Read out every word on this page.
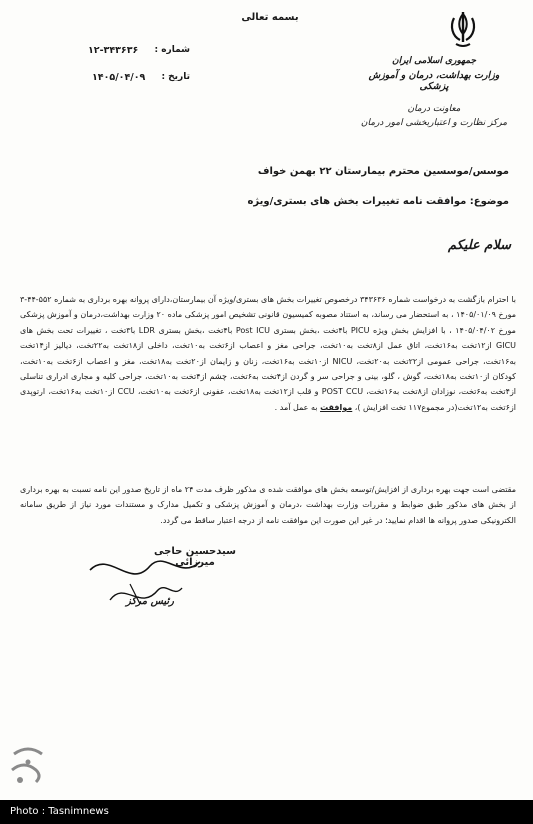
بسمه تعالی
جمهوری اسلامی ایران
وزارت بهداشت، درمان و آموزش پزشکی
معاونت درمان
مرکز نظارت و اعتباربخشی امور درمان
شماره :
۱۲-۳۴۳۶۳۶
تاریخ :
۱۴۰۵/۰۴/۰۹
موسس/موسسین محترم بیمارستان ۲۲ بهمن خواف
موضوع: موافقت نامه تغییرات بخش های بستری/ویژه
سلام علیکم
با احترام بازگشت به درخواست شماره ۳۴۳۶۳۶ درخصوص تغییرات بخش های بستری/ویژه آن بیمارستان،دارای پروانه بهره برداری به شماره ۵۵۲-۴۴-۳ مورخ ۱۴۰۵/۰۱/۰۹ ، به استحضار می رساند، به استناد مصوبه کمیسیون قانونی تشخیص امور پزشکی ماده ۲۰ وزارت بهداشت،درمان و آموزش پزشکی مورخ ۱۴۰۵/۰۴/۰۲ ، با افزایش بخش ویژه PICU با۴تخت ،بخش بستری Post ICU با۴تخت ،بخش بستری LDR با۳تخت ، تغییرات تحت بخش های GICU از۱۲تخت به۱۶تخت، اتاق عمل از۸تخت به۱۰تخت، جراحی مغز و اعصاب از۶تخت به۱۰تخت، داخلی از۱۸تخت به۲۲تخت، دیالیز از۱۴تخت به۱۶تخت، جراحی عمومی از۲۲تخت به۲۰تخت، NICU از۱۰تخت به۱۶تخت، زنان و زایمان از۲۰تخت به۱۸تخت، مغز و اعصاب از۶تخت به۱۰تخت، کودکان از۱۰تخت به۱۸تخت، گوش ، گلو، بینی و جراحی سر و گردن از۴تخت به۶تخت، چشم از۴تخت به۱۰تخت، جراحی کلیه و مجاری ادراری تناسلی از۴تخت به۶تخت، نوزادان از۸تخت به۱۶تخت، POST CCU و قلب از۱۲تخت به۱۸تخت، عفونی از۶تخت به۱۰تخت، CCU از۱۰تخت به۱۶تخت، ارتوپدی از۶تخت به۱۲تخت(در مجموع۱۱۷ تخت افزایش )، موافقت به عمل آمد .
مقتضی است جهت بهره برداری از افزایش/توسعه بخش های موافقت شده ی مذکور ظرف مدت ۲۴ ماه از تاریخ صدور این نامه نسبت به بهره برداری از بخش های مذکور طبق ضوابط و مقررات وزارت بهداشت ،درمان و آموزش پزشکی و تکمیل مدارک و مستندات مورد نیاز از طریق سامانه الکترونیکی صدور پروانه ها اقدام نمایید؛ در غیر این صورت این موافقت نامه از درجه اعتبار ساقط می گردد.
سیدحسین حاجی میرزائی
رئیس مرکز
Photo : Tasnimnews
